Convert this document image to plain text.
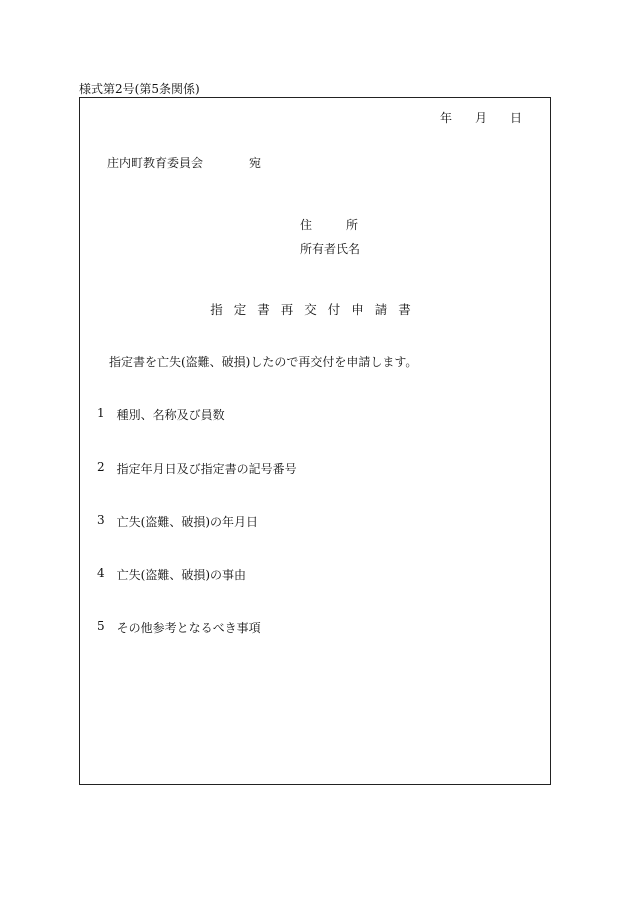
様式第2号(第5条関係)
年 月 日
庄内町教育委員会	宛
住	所
所有者氏名
指定書再交付申請書
指定書を亡失(盗難、破損)したので再交付を申請します。
1 種別、名称及び員数
2 指定年月日及び指定書の記号番号
3 亡失(盗難、破損)の年月日
4 亡失(盗難、破損)の事由
5 その他参考となるべき事項
